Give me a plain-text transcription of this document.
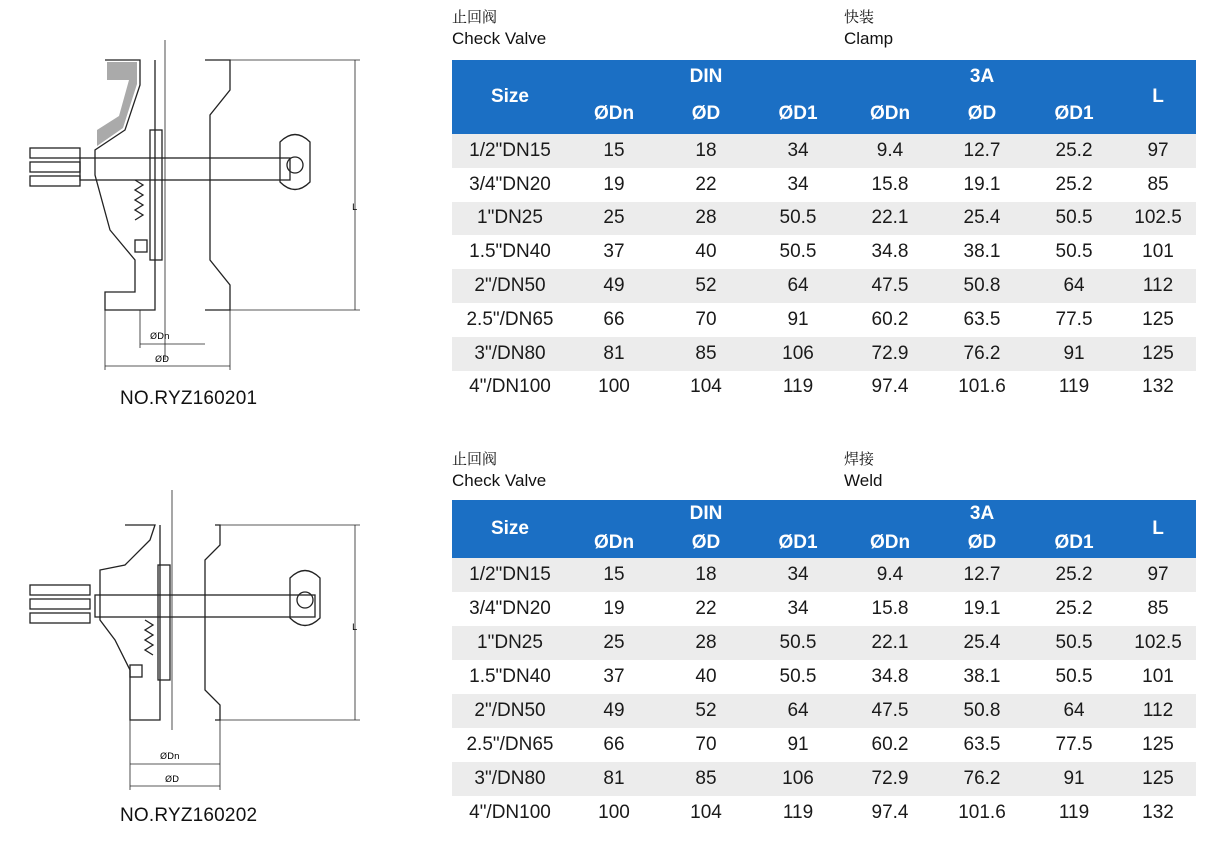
ØDn
ØD
L
NO.RYZ160201
止回阀
Check Valve
快装
Clamp
Size	DIN			3A			L
	ØDn	ØD	ØD1	ØDn	ØD	ØD1	
1/2"DN15	15	18	34	9.4	12.7	25.2	97
3/4"DN20	19	22	34	15.8	19.1	25.2	85
1"DN25	25	28	50.5	22.1	25.4	50.5	102.5
1.5"DN40	37	40	50.5	34.8	38.1	50.5	101
2"/DN50	49	52	64	47.5	50.8	64	112
2.5"/DN65	66	70	91	60.2	63.5	77.5	125
3"/DN80	81	85	106	72.9	76.2	91	125
4"/DN100	100	104	119	97.4	101.6	119	132
ØDn
ØD
L
NO.RYZ160202
止回阀
Check Valve
焊接
Weld
Size	DIN			3A			L
	ØDn	ØD	ØD1	ØDn	ØD	ØD1	
1/2"DN15	15	18	34	9.4	12.7	25.2	97
3/4"DN20	19	22	34	15.8	19.1	25.2	85
1"DN25	25	28	50.5	22.1	25.4	50.5	102.5
1.5"DN40	37	40	50.5	34.8	38.1	50.5	101
2"/DN50	49	52	64	47.5	50.8	64	112
2.5"/DN65	66	70	91	60.2	63.5	77.5	125
3"/DN80	81	85	106	72.9	76.2	91	125
4"/DN100	100	104	119	97.4	101.6	119	132
